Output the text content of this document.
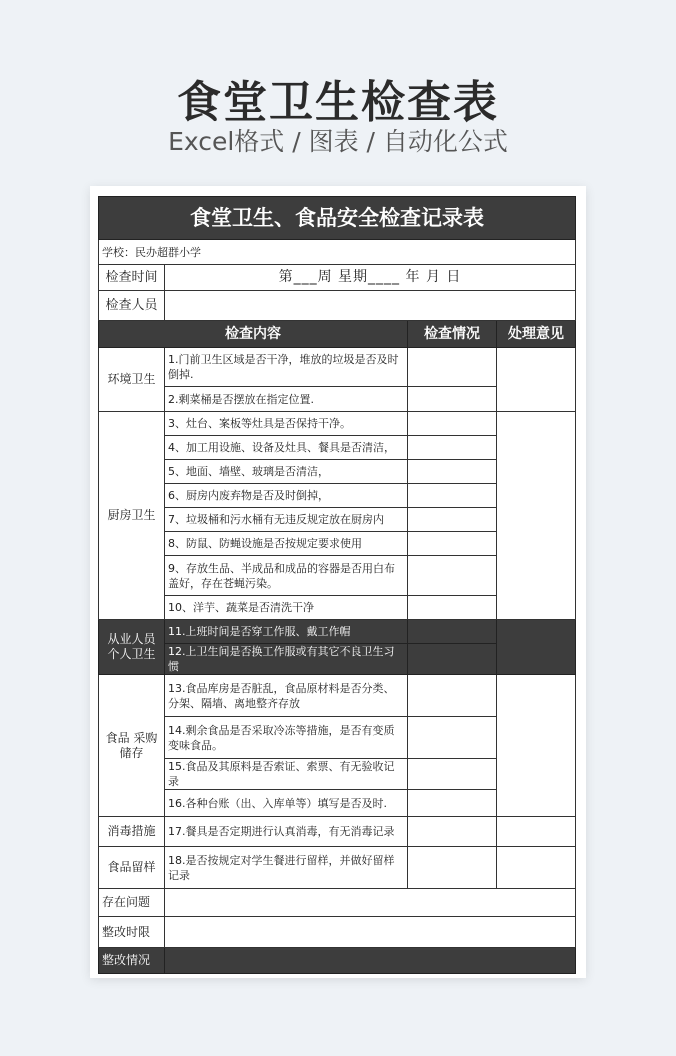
食堂卫生检查表
Excel格式 / 图表 / 自动化公式
食堂卫生、食品安全检查记录表			
学校：民办超群小学			
检查时间	第___周 星期____ 年 月 日		
检查人员			
检查内容		检查情况	处理意见
环境卫生	1.门前卫生区域是否干净，堆放的垃圾是否及时倒掉.		
	2.剩菜桶是否摆放在指定位置.		
厨房卫生	3、灶台、案板等灶具是否保持干净。		
	4、加工用设施、设备及灶具、餐具是否清洁，		
	5、地面、墙壁、玻璃是否清洁，		
	6、厨房内废弃物是否及时倒掉，		
	7、垃圾桶和污水桶有无违反规定放在厨房内		
	8、防鼠、防蝇设施是否按规定要求使用		
	9、存放生品、半成品和成品的容器是否用白布盖好，存在苍蝇污染。		
	10、洋芋、蔬菜是否清洗干净		
从业人员个人卫生	11.上班时间是否穿工作服、戴工作帽		
	12.上卫生间是否换工作服或有其它不良卫生习惯		
食品 采购储存	13.食品库房是否脏乱，食品原材料是否分类、分架、隔墙、离地整齐存放		
	14.剩余食品是否采取冷冻等措施，是否有变质变味食品。		
	15.食品及其原料是否索证、索票、有无验收记录		
	16.各种台账（出、入库单等）填写是否及时.		
消毒措施	17.餐具是否定期进行认真消毒，有无消毒记录		
食品留样	18.是否按规定对学生餐进行留样，并做好留样记录		
存在问题			
整改时限			
整改情况			
